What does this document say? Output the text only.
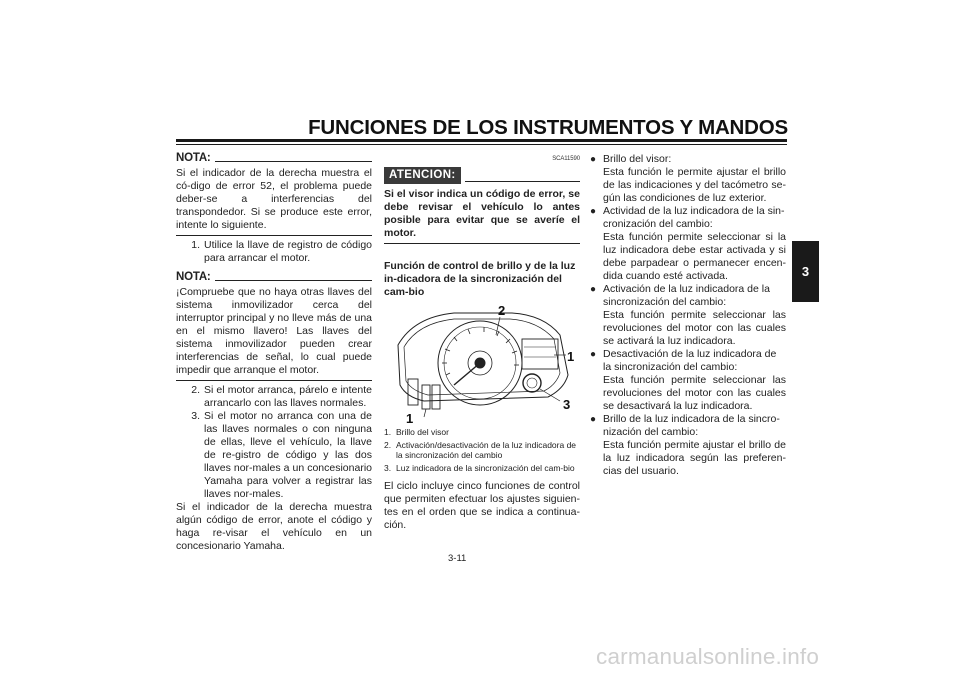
FUNCIONES DE LOS INSTRUMENTOS Y MANDOS
3
NOTA:
Si el indicador de la derecha muestra el có-digo de error 52, el problema puede deber-se a interferencias del transpondedor. Si se produce este error, intente lo siguiente.
1. Utilice la llave de registro de código para arrancar el motor.
NOTA:
¡Compruebe que no haya otras llaves del sistema inmovilizador cerca del interruptor principal y no lleve más de una en el mismo llavero! Las llaves del sistema inmovilizador pueden crear interferencias de señal, lo cual puede impedir que arranque el motor.
2. Si el motor arranca, párelo e intente arrancarlo con las llaves normales.
3. Si el motor no arranca con una de las llaves normales o con ninguna de ellas, lleve el vehículo, la llave de re-gistro de código y las dos llaves nor-males a un concesionario Yamaha para volver a registrar las llaves nor-males.
Si el indicador de la derecha muestra algún código de error, anote el código y haga re-visar el vehículo en un concesionario Yamaha.
SCA11590
ATENCION:
Si el visor indica un código de error, se debe revisar el vehículo lo antes posible para evitar que se averíe el motor.
Función de control de brillo y de la luz in-dicadora de la sincronización del cam-bio
2
1
3
1
1. Brillo del visor
2. Activación/desactivación de la luz indicadora de la sincronización del cambio
3. Luz indicadora de la sincronización del cam-bio
El ciclo incluye cinco funciones de control que permiten efectuar los ajustes siguien-tes en el orden que se indica a continua-ción.
● Brillo del visor:

Esta función le permite ajustar el brillo de las indicaciones y del tacómetro se-gún las condiciones de luz exterior.
● Actividad de la luz indicadora de la sin-cronización del cambio:

Esta función permite seleccionar si la luz indicadora debe estar activada y si debe parpadear o permanecer encen-dida cuando esté activada.
● Activación de la luz indicadora de la sincronización del cambio:

Esta función permite seleccionar las revoluciones del motor con las cuales se activará la luz indicadora.
● Desactivación de la luz indicadora de la sincronización del cambio:

Esta función permite seleccionar las revoluciones del motor con las cuales se desactivará la luz indicadora.
● Brillo de la luz indicadora de la sincro-nización del cambio:

Esta función permite ajustar el brillo de la luz indicadora según las preferen-cias del usuario.
3-11
carmanualsonline.info
